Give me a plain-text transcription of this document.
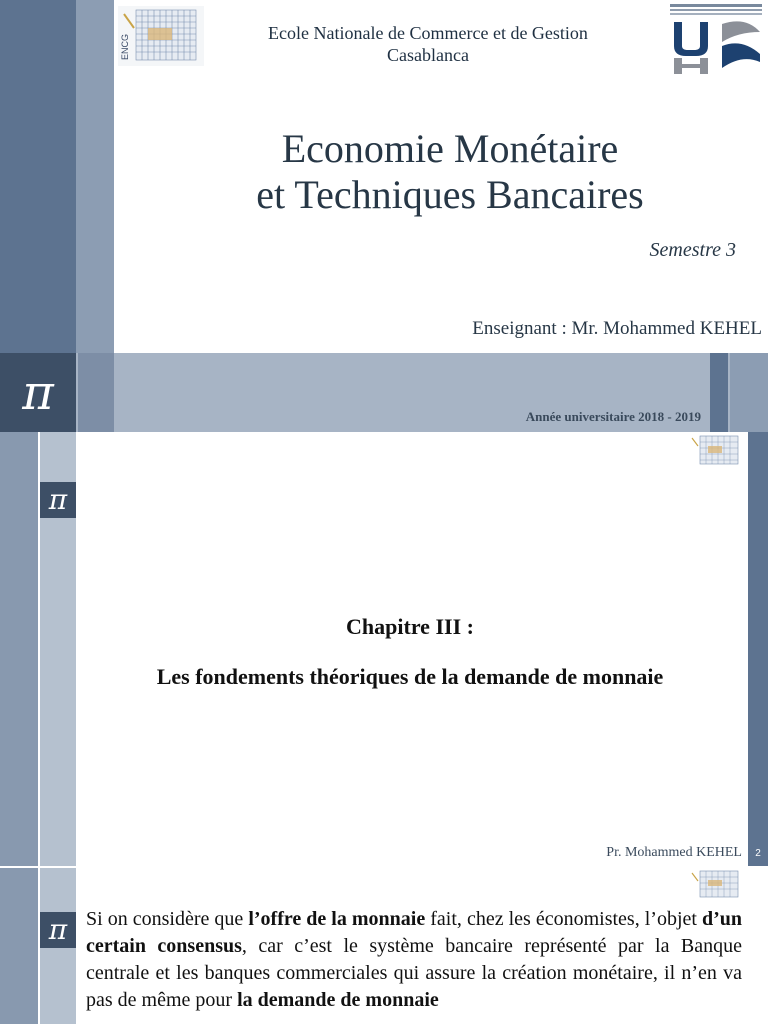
π
ENCG
Ecole Nationale de Commerce et de Gestion
Casablanca
Economie Monétaire
et Techniques Bancaires
Semestre 3
Enseignant : Mr. Mohammed KEHEL
Année universitaire 2018 - 2019
π
2
Chapitre III :
Les fondements théoriques de la demande de monnaie
Pr. Mohammed KEHEL
π Si on considère que l’offre de la monnaie fait, chez les économistes, l’objet d’un certain consensus, car c’est le système bancaire représenté par la Banque centrale et les banques commerciales qui assure la création monétaire, il n’en va pas de même pour la demande de monnaie
